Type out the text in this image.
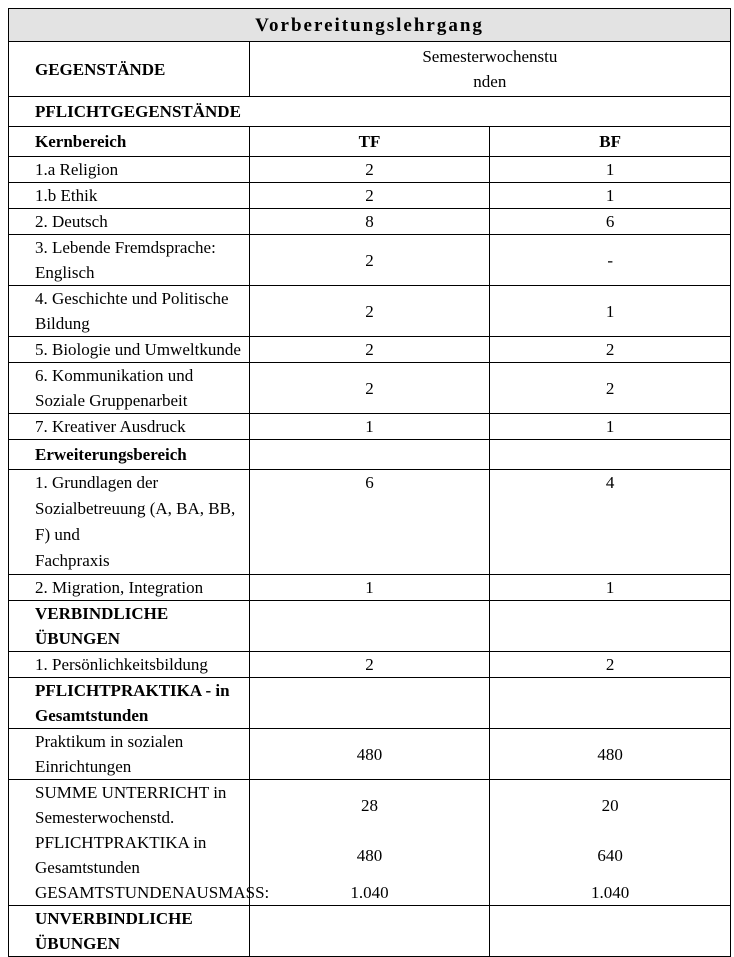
Vorbereitungslehrgang		
GEGENSTÄNDE	Semesterwochenstu
nden	
PFLICHTGEGENSTÄNDE		
Kernbereich	TF	BF
1.a Religion	2	1
1.b Ethik	2	1
2. Deutsch	8	6
3. Lebende Fremdsprache: Englisch	2	-
4. Geschichte und Politische Bildung	2	1
5. Biologie und Umweltkunde	2	2
6. Kommunikation und Soziale Gruppenarbeit	2	2
7. Kreativer Ausdruck	1	1
Erweiterungsbereich		
1. Grundlagen der Sozialbetreuung (A, BA, BB, F) und
Fachpraxis	6	4
2. Migration, Integration	1	1
VERBINDLICHE ÜBUNGEN		
1. Persönlichkeitsbildung	2	2
PFLICHTPRAKTIKA - in Gesamtstunden		
Praktikum in sozialen Einrichtungen	480	480
SUMME UNTERRICHT in Semesterwochenstd.	28	20
PFLICHTPRAKTIKA in Gesamtstunden	480	640
GESAMTSTUNDENAUSMASS:	1.040	1.040
UNVERBINDLICHE ÜBUNGEN		
